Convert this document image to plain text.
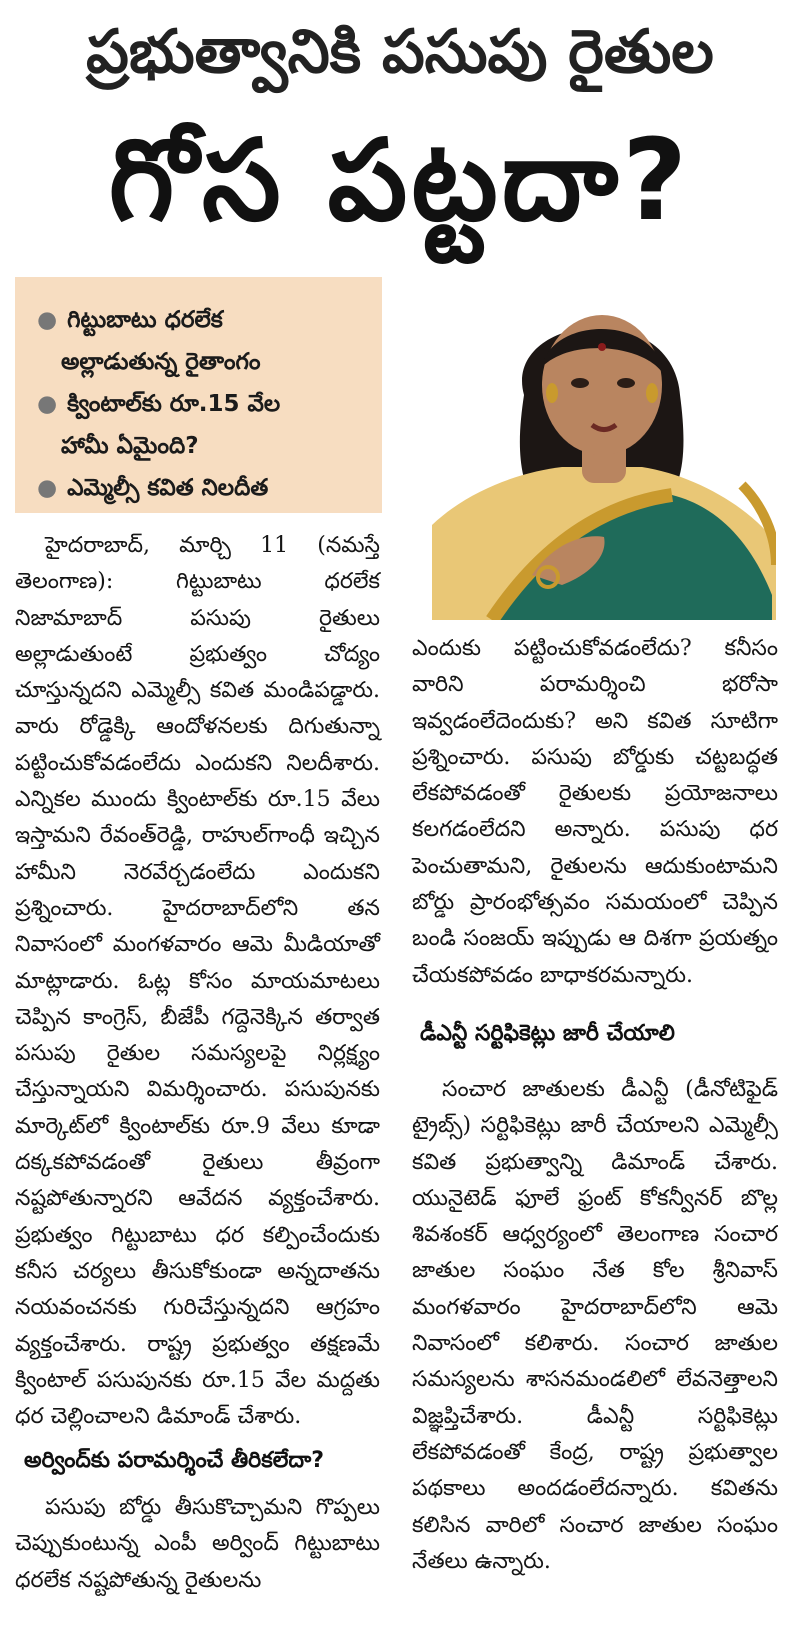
ప్రభుత్వానికి పసుపు రైతుల
గోస పట్టదా?
● గిట్టుబాటు ధరలేక
అల్లాడుతున్న రైతాంగం
● క్వింటాల్‌కు రూ.15 వేల
హామీ ఏమైంది?
● ఎమ్మెల్సీ కవిత నిలదీత

హైదరాబాద్, మార్చి 11 (నమస్తే తెలంగాణ): గిట్టుబాటు ధరలేక నిజామాబాద్ పసుపు రైతులు అల్లాడుతుంటే ప్రభుత్వం చోద్యం చూస్తున్నదని ఎమ్మెల్సీ కవిత మండిపడ్డారు. వారు రోడ్డెక్కి ఆందోళనలకు దిగుతున్నా పట్టించుకోవడంలేదు ఎందుకని నిలదీశారు. ఎన్నికల ముందు క్వింటాల్‌కు రూ.15 వేలు ఇస్తామని రేవంత్‌రెడ్డి, రాహుల్‌గాంధీ ఇచ్చిన హామీని నెరవేర్చడంలేదు ఎందుకని ప్రశ్నించారు. హైదరాబాద్‌లోని తన నివాసంలో మంగళవారం ఆమె మీడియాతో మాట్లాడారు. ఓట్ల కోసం మాయమాటలు చెప్పిన కాంగ్రెస్, బీజేపీ గద్దెనెక్కిన తర్వాత పసుపు రైతుల సమస్యలపై నిర్లక్ష్యం చేస్తున్నాయని విమర్శించారు. పసుపునకు మార్కెట్‌లో క్వింటాల్‌కు రూ.9 వేలు కూడా దక్కకపోవడంతో రైతులు తీవ్రంగా నష్టపోతున్నారని ఆవేదన వ్యక్తంచేశారు. ప్రభుత్వం గిట్టుబాటు ధర కల్పించేందుకు కనీస చర్యలు తీసుకోకుండా అన్నదాతను నయవంచనకు గురిచేస్తున్నదని ఆగ్రహం వ్యక్తంచేశారు. రాష్ట్ర ప్రభుత్వం తక్షణమే క్వింటాల్ పసుపునకు రూ.15 వేల మద్దతు ధర చెల్లించాలని డిమాండ్ చేశారు.

అర్వింద్‌కు పరామర్శించే తీరికలేదా?

పసుపు బోర్డు తీసుకొచ్చామని గొప్పలు చెప్పుకుంటున్న ఎంపీ అర్వింద్ గిట్టుబాటు ధరలేక నష్టపోతున్న రైతులను

ఎందుకు పట్టించుకోవడంలేదు? కనీసం వారిని పరామర్శించి భరోసా ఇవ్వడంలేదెందుకు? అని కవిత సూటిగా ప్రశ్నించారు. పసుపు బోర్డుకు చట్టబద్ధత లేకపోవడంతో రైతులకు ప్రయోజనాలు కలగడంలేదని అన్నారు. పసుపు ధర పెంచుతామని, రైతులను ఆదుకుంటామని బోర్డు ప్రారంభోత్సవం సమయంలో చెప్పిన బండి సంజయ్ ఇప్పుడు ఆ దిశగా ప్రయత్నం చేయకపోవడం బాధాకరమన్నారు.

డీఎన్టీ సర్టిఫికెట్లు జారీ చేయాలి

సంచార జాతులకు డీఎన్టీ (డీనోటిఫైడ్ ట్రైబ్స్) సర్టిఫికెట్లు జారీ చేయాలని ఎమ్మెల్సీ కవిత ప్రభుత్వాన్ని డిమాండ్ చేశారు. యునైటెడ్ ఫూలే ఫ్రంట్ కోకన్వీనర్ బొల్ల శివశంకర్ ఆధ్వర్యంలో తెలంగాణ సంచార జాతుల సంఘం నేత కోల శ్రీనివాస్ మంగళవారం హైదరాబాద్‌లోని ఆమె నివాసంలో కలిశారు. సంచార జాతుల సమస్యలను శాసనమండలిలో లేవనెత్తాలని విజ్ఞప్తిచేశారు. డీఎన్టీ సర్టిఫికెట్లు లేకపోవడంతో కేంద్ర, రాష్ట్ర ప్రభుత్వాల పథకాలు అందడంలేదన్నారు. కవితను కలిసిన వారిలో సంచార జాతుల సంఘం నేతలు ఉన్నారు.
